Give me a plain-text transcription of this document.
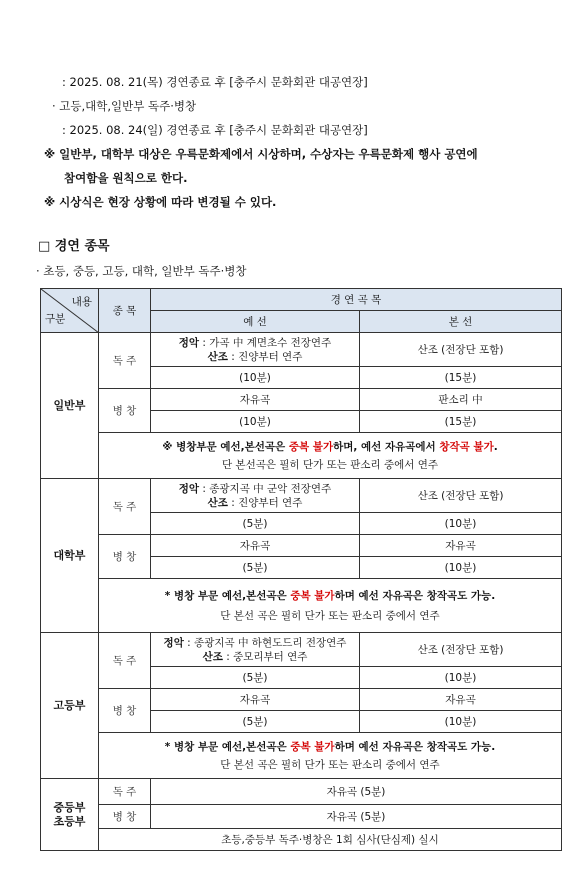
: 2025. 08. 21(목) 경연종료 후 [충주시 문화회관 대공연장]
· 고등,대학,일반부 독주·병창
: 2025. 08. 24(일) 경연종료 후 [충주시 문화회관 대공연장]
※ 일반부, 대학부 대상은 우륵문화제에서 시상하며, 수상자는 우륵문화제 행사 공연에
참여함을 원칙으로 한다.
※ 시상식은 현장 상황에 따라 변경될 수 있다.
□ 경연 종목
· 초등, 중등, 고등, 대학, 일반부 독주·병창
내용
구분	종 목	경 연 곡 목	
		예 선	본 선
일반부	독 주	정악 : 가곡 中 계면초수 전장연주
산조 : 진양부터 연주	산조 (전장단 포함)
		(10분)	(15분)
	병 창	자유곡	판소리 中
		(10분)	(15분)

	※ 병창부문 예선,본선곡은 중복 불가하며, 예선 자유곡에서 창작곡 불가.
단 본선곡은 필히 단가 또는 판소리 중에서 연주		

대학부	독 주	정악 : 종광지곡 中 군악 전장연주
산조 : 진양부터 연주	산조 (전장단 포함)
		(5분)	(10분)
	병 창	자유곡	자유곡
		(5분)	(10분)

	* 병창 부문 예선,본선곡은 중복 불가하며 예선 자유곡은 창작곡도 가능.
단 본선 곡은 필히 단가 또는 판소리 중에서 연주		

고등부	독 주	정악 : 종광지곡 中 하현도드리 전장연주
산조 : 중모리부터 연주	산조 (전장단 포함)
		(5분)	(10분)
	병 창	자유곡	자유곡
		(5분)	(10분)

	* 병창 부문 예선,본선곡은 중복 불가하며 예선 자유곡은 창작곡도 가능.
단 본선 곡은 필히 단가 또는 판소리 중에서 연주		

중등부
초등부	독 주	자유곡 (5분)	
	병 창	자유곡 (5분)	
	초등,중등부 독주·병창은 1회 심사(단심제) 실시		
